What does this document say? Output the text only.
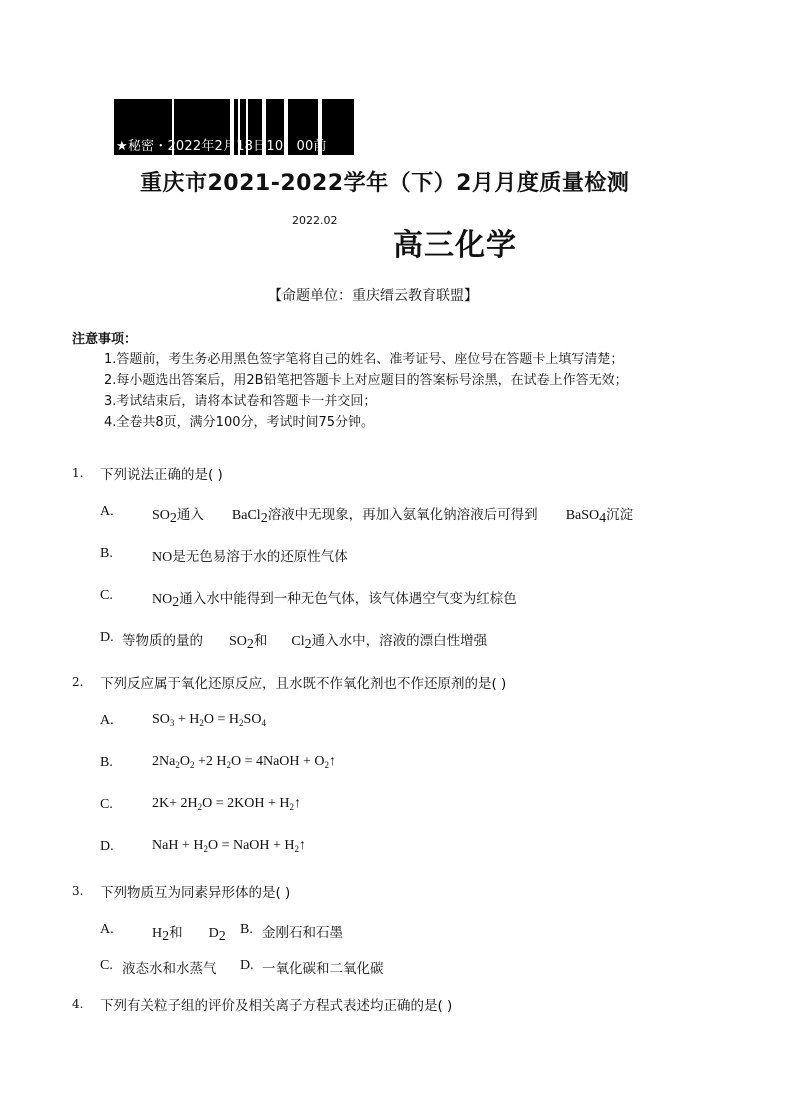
★秘密・2022年2月18日10：00前
重庆市2021-2022学年（下）2月月度质量检测
2022.02
高三化学
【命题单位：重庆缙云教育联盟】
注意事项：
1.答题前，考生务必用黑色签字笔将自己的姓名、准考证号、座位号在答题卡上填写清楚；
2.每小题选出答案后，用2B铅笔把答题卡上对应题目的答案标号涂黑，在试卷上作答无效；
3.考试结束后，请将本试卷和答题卡一并交回；
4.全卷共8页，满分100分，考试时间75分钟。
1. 下列说法正确的是( )
A.	$SO_2$通入 BaCl$_2$溶液中无现象，再加入氨氧化钠溶液后可得到 BaSO$_4$沉淀
B.	NO是无色易溶于水的还原性气体
C.	$NO_2$通入水中能得到一种无色气体，该气体遇空气变为红棕色
D. 等物质的量的 $SO_2$和 $Cl_2$通入水中，溶液的漂白性增强
2. 下列反应属于氧化还原反应，且水既不作氧化剂也不作还原剂的是( )
A.	$SO_3 + H_2O = H_2SO_4$
B.	$2Na_2O_2 +2$ $H_2O$ = 4NaOH + $O_2↑$
C.	$2K+ 2H_2O = 2KOH$ + $H_2↑$
D.	NaH + $H_2O$ = NaOH + $H_2↑$
3. 下列物质互为同素异形体的是( )
A.	$H_2$和 $D_2$ B. 金刚石和石墨
C. 液态水和水蒸气 D. 一氧化碳和二氧化碳
4. 下列有关粒子组的评价及相关离子方程式表述均正确的是( )
